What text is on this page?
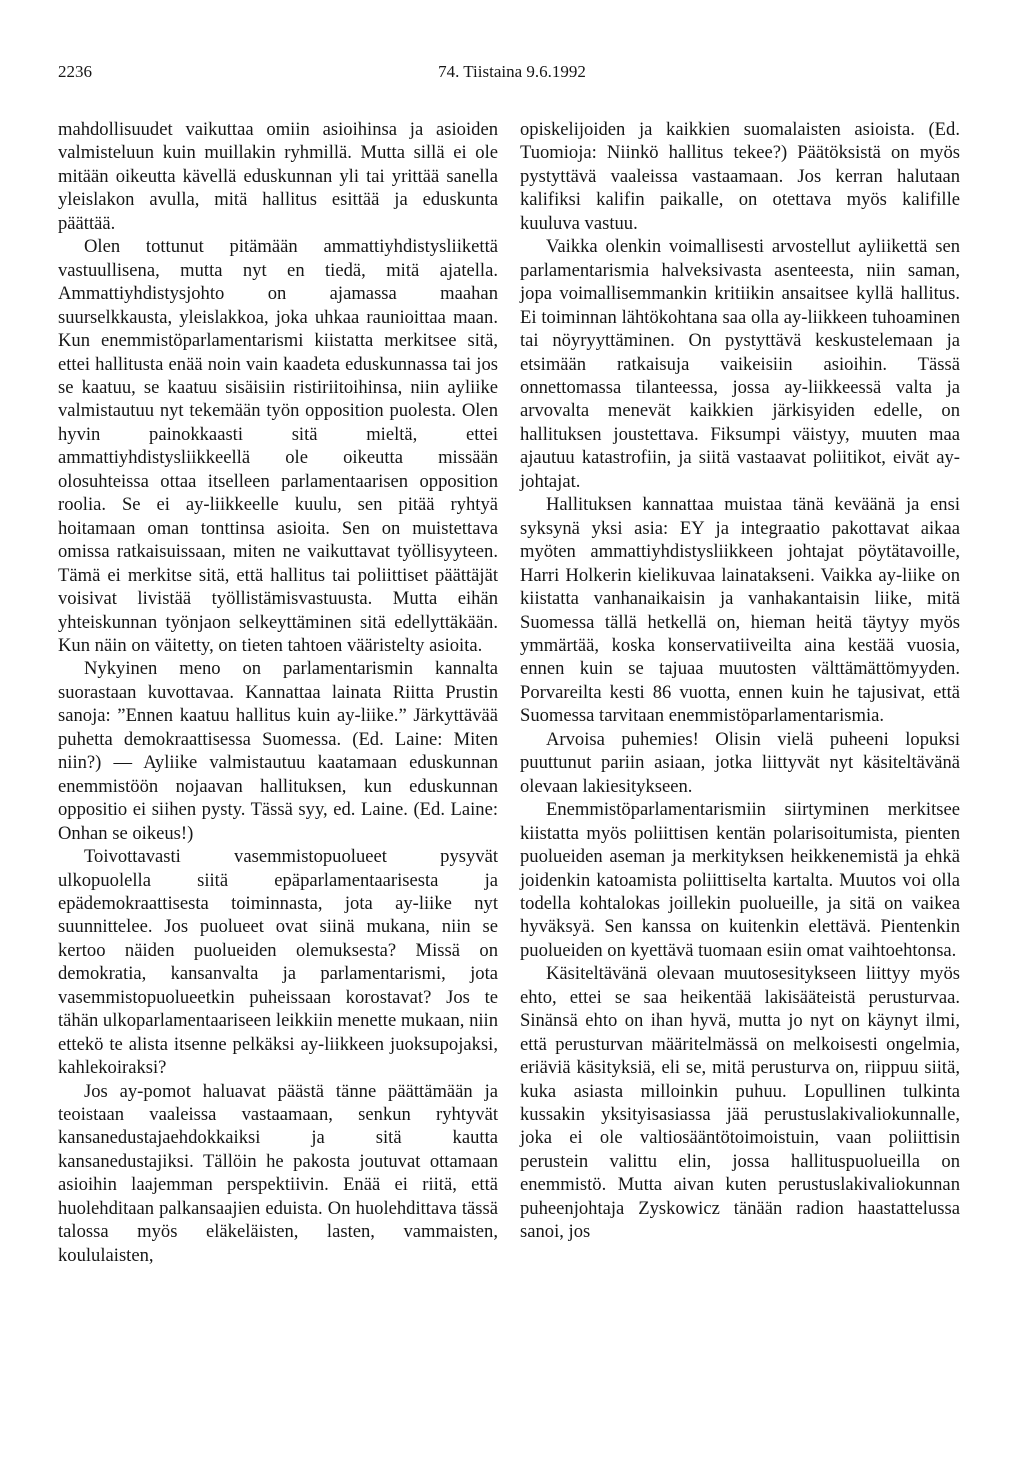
2236	74. Tiistaina 9.6.1992

mahdollisuudet vaikuttaa omiin asioihinsa ja asioiden valmisteluun kuin muillakin ryhmillä. Mutta sillä ei ole mitään oikeutta kävellä eduskunnan yli tai yrittää sanella yleislakon avulla, mitä hallitus esittää ja eduskunta päättää.

Olen tottunut pitämään ammattiyhdistysliikettä vastuullisena, mutta nyt en tiedä, mitä ajatella. Ammattiyhdistysjohto on ajamassa maahan suurselkkausta, yleislakkoa, joka uhkaa raunioittaa maan. Kun enemmistöparlamentarismi kiistatta merkitsee sitä, ettei hallitusta enää noin vain kaadeta eduskunnassa tai jos se kaatuu, se kaatuu sisäisiin ristiriitoihinsa, niin ayliike valmistautuu nyt tekemään työn opposition puolesta. Olen hyvin painokkaasti sitä mieltä, ettei ammattiyhdistysliikkeellä ole oikeutta missään olosuhteissa ottaa itselleen parlamentaarisen opposition roolia. Se ei ay-liikkeelle kuulu, sen pitää ryhtyä hoitamaan oman tonttinsa asioita. Sen on muistettava omissa ratkaisuissaan, miten ne vaikuttavat työllisyyteen. Tämä ei merkitse sitä, että hallitus tai poliittiset päättäjät voisivat livistää työllistämisvastuusta. Mutta eihän yhteiskunnan työnjaon selkeyttäminen sitä edellyttäkään. Kun näin on väitetty, on tieten tahtoen vääristelty asioita.

Nykyinen meno on parlamentarismin kannalta suorastaan kuvottavaa. Kannattaa lainata Riitta Prustin sanoja: ”Ennen kaatuu hallitus kuin ay-liike.” Järkyttävää puhetta demokraattisessa Suomessa. (Ed. Laine: Miten niin?) — Ayliike valmistautuu kaatamaan eduskunnan enemmistöön nojaavan hallituksen, kun eduskunnan oppositio ei siihen pysty. Tässä syy, ed. Laine. (Ed. Laine: Onhan se oikeus!)

Toivottavasti vasemmistopuolueet pysyvät ulkopuolella siitä epäparlamentaarisesta ja epädemokraattisesta toiminnasta, jota ay-liike nyt suunnittelee. Jos puolueet ovat siinä mukana, niin se kertoo näiden puolueiden olemuksesta? Missä on demokratia, kansanvalta ja parlamentarismi, jota vasemmistopuolueetkin puheissaan korostavat? Jos te tähän ulkoparlamentaariseen leikkiin menette mukaan, niin ettekö te alista itsenne pelkäksi ay-liikkeen juoksupojaksi, kahlekoiraksi?

Jos ay-pomot haluavat päästä tänne päättämään ja teoistaan vaaleissa vastaamaan, senkun ryhtyvät kansanedustajaehdokkaiksi ja sitä kautta kansanedustajiksi. Tällöin he pakosta joutuvat ottamaan asioihin laajemman perspektiivin. Enää ei riitä, että huolehditaan palkansaajien eduista. On huolehdittava tässä talossa myös eläkeläisten, lasten, vammaisten, koululaisten,

opiskelijoiden ja kaikkien suomalaisten asioista. (Ed. Tuomioja: Niinkö hallitus tekee?) Päätöksistä on myös pystyttävä vaaleissa vastaamaan. Jos kerran halutaan kalifiksi kalifin paikalle, on otettava myös kalifille kuuluva vastuu.

Vaikka olenkin voimallisesti arvostellut ayliikettä sen parlamentarismia halveksivasta asenteesta, niin saman, jopa voimallisemmankin kritiikin ansaitsee kyllä hallitus. Ei toiminnan lähtökohtana saa olla ay-liikkeen tuhoaminen tai nöyryyttäminen. On pystyttävä keskustelemaan ja etsimään ratkaisuja vaikeisiin asioihin. Tässä onnettomassa tilanteessa, jossa ay-liikkeessä valta ja arvovalta menevät kaikkien järkisyiden edelle, on hallituksen joustettava. Fiksumpi väistyy, muuten maa ajautuu katastrofiin, ja siitä vastaavat poliitikot, eivät ay-johtajat.

Hallituksen kannattaa muistaa tänä keväänä ja ensi syksynä yksi asia: EY ja integraatio pakottavat aikaa myöten ammattiyhdistysliikkeen johtajat pöytätavoille, Harri Holkerin kielikuvaa lainatakseni. Vaikka ay-liike on kiistatta vanhanaikaisin ja vanhakantaisin liike, mitä Suomessa tällä hetkellä on, hieman heitä täytyy myös ymmärtää, koska konservatiiveilta aina kestää vuosia, ennen kuin se tajuaa muutosten välttämättömyyden. Porvareilta kesti 86 vuotta, ennen kuin he tajusivat, että Suomessa tarvitaan enemmistöparlamentarismia.

Arvoisa puhemies! Olisin vielä puheeni lopuksi puuttunut pariin asiaan, jotka liittyvät nyt käsiteltävänä olevaan lakiesitykseen.

Enemmistöparlamentarismiin siirtyminen merkitsee kiistatta myös poliittisen kentän polarisoitumista, pienten puolueiden aseman ja merkityksen heikkenemistä ja ehkä joidenkin katoamista poliittiselta kartalta. Muutos voi olla todella kohtalokas joillekin puolueille, ja sitä on vaikea hyväksyä. Sen kanssa on kuitenkin elettävä. Pientenkin puolueiden on kyettävä tuomaan esiin omat vaihtoehtonsa.

Käsiteltävänä olevaan muutosesitykseen liittyy myös ehto, ettei se saa heikentää lakisääteistä perusturvaa. Sinänsä ehto on ihan hyvä, mutta jo nyt on käynyt ilmi, että perusturvan määritelmässä on melkoisesti ongelmia, eriäviä käsityksiä, eli se, mitä perusturva on, riippuu siitä, kuka asiasta milloinkin puhuu. Lopullinen tulkinta kussakin yksityisasiassa jää perustuslakivaliokunnalle, joka ei ole valtiosääntötoimoistuin, vaan poliittisin perustein valittu elin, jossa hallituspuolueilla on enemmistö. Mutta aivan kuten perustuslakivaliokunnan puheenjohtaja Zyskowicz tänään radion haastattelussa sanoi, jos
